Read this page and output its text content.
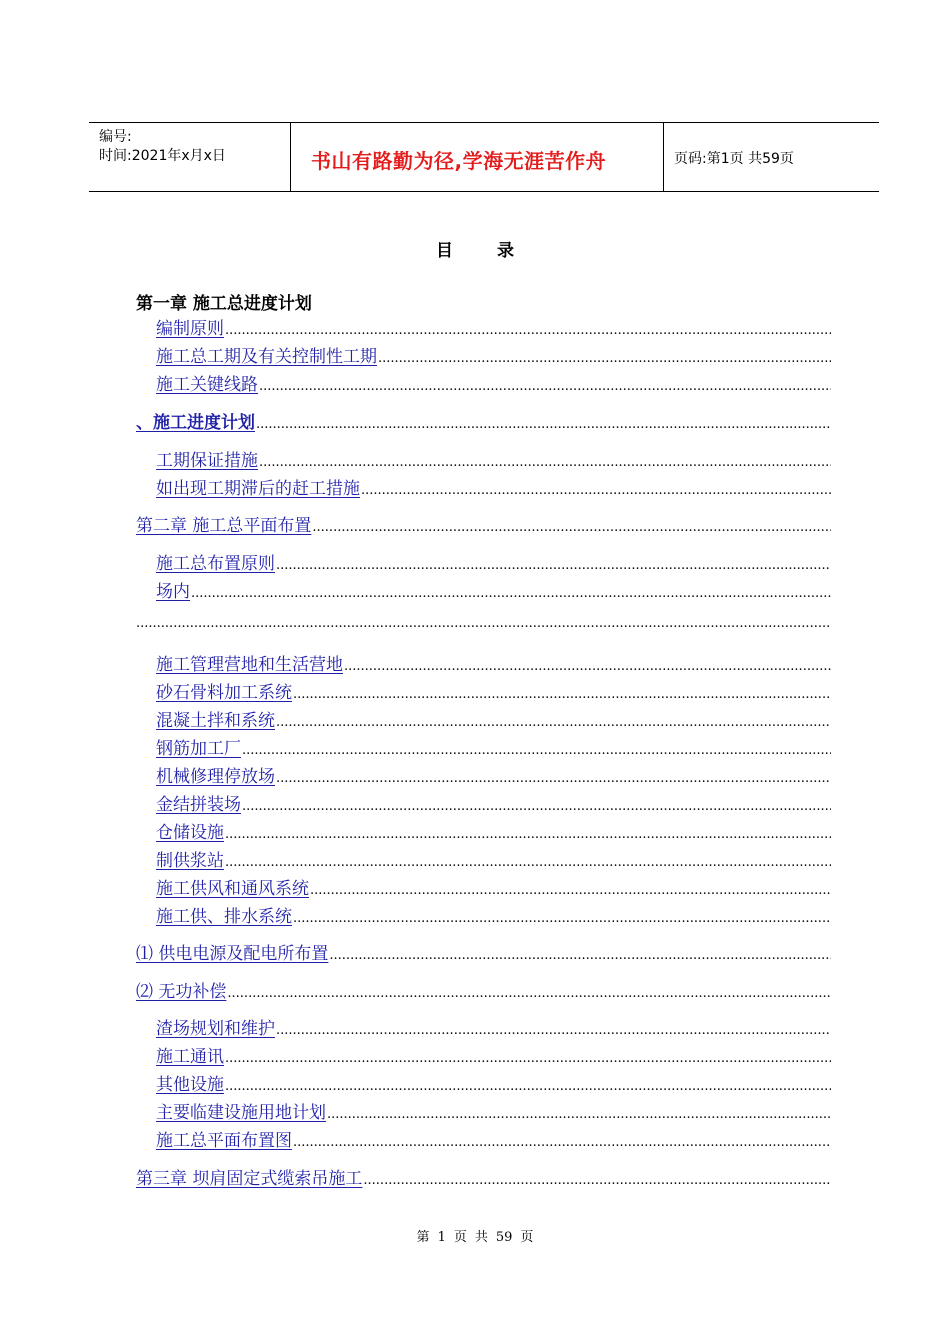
编号:
时间:2021年x月x日	书山有路勤为径,学海无涯苦作舟	页码:第1页 共59页
目	录
第一章 施工总进度计划
编制原则
.....
施工总工期及有关控制性工期
.....
施工关键线路
.....
、施工进度计划
.....
工期保证措施
.....
如出现工期滞后的赶工措施
.....
第二章 施工总平面布置
.....
施工总布置原则
.....
场内
.....
.....
施工管理营地和生活营地
.....
砂石骨料加工系统
.....
混凝土拌和系统
.....
钢筋加工厂
.....
机械修理停放场
.....
金结拼装场
.....
仓储设施
.....
制供浆站
.....
施工供风和通风系统
.....
施工供、排水系统
.....
⑴ 供电电源及配电所布置
.....
⑵ 无功补偿
.....
渣场规划和维护
.....
施工通讯
.....
其他设施
.....
主要临建设施用地计划
.....
施工总平面布置图
.....
第三章 坝肩固定式缆索吊施工
.....
第 1 页 共 59 页
